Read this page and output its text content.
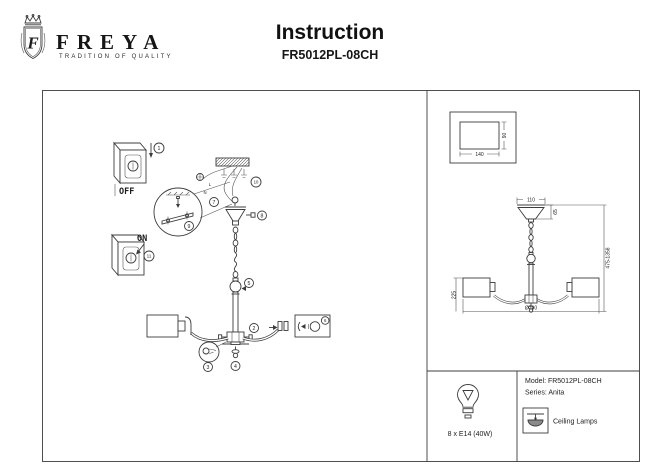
F FREYA
TRADITION OF QUALITY
Instruction
FR5012PL-08CH
1
OFF
10
L
N
9
8
7
5
2
4
3
6
ON
11
140
90
110
65
Ø760
225
475-1358
8 x E14 (40W)
Model: FR5012PL-08CH
Series: Anita
Ceiling Lamps
